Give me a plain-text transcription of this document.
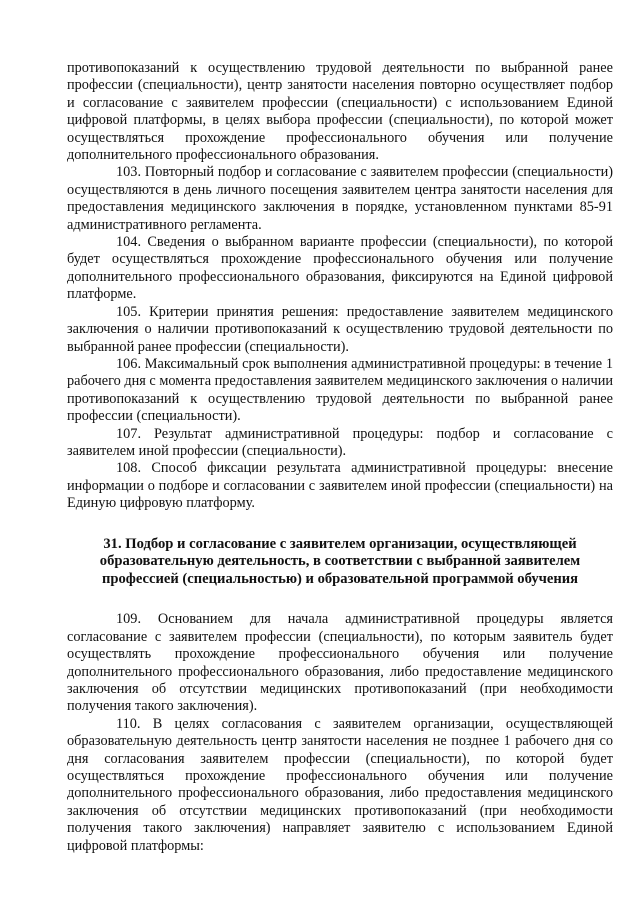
противопоказаний к осуществлению трудовой деятельности по выбранной ранее профессии (специальности), центр занятости населения повторно осуществляет подбор и согласование с заявителем профессии (специальности) с использованием Единой цифровой платформы, в целях выбора профессии (специальности), по которой может осуществляться прохождение профессионального обучения или получение дополнительного профессионального образования.

103. Повторный подбор и согласование с заявителем профессии (специальности) осуществляются в день личного посещения заявителем центра занятости населения для предоставления медицинского заключения в порядке, установленном пунктами 85-91 административного регламента.

104. Сведения о выбранном варианте профессии (специальности), по которой будет осуществляться прохождение профессионального обучения или получение дополнительного профессионального образования, фиксируются на Единой цифровой платформе.

105. Критерии принятия решения: предоставление заявителем медицинского заключения о наличии противопоказаний к осуществлению трудовой деятельности по выбранной ранее профессии (специальности).

106. Максимальный срок выполнения административной процедуры: в течение 1 рабочего дня с момента предоставления заявителем медицинского заключения о наличии противопоказаний к осуществлению трудовой деятельности по выбранной ранее профессии (специальности).

107. Результат административной процедуры: подбор и согласование с заявителем иной профессии (специальности).

108. Способ фиксации результата административной процедуры: внесение информации о подборе и согласовании с заявителем иной профессии (специальности) на Единую цифровую платформу.

31. Подбор и согласование с заявителем организации, осуществляющей образовательную деятельность, в соответствии с выбранной заявителем профессией (специальностью) и образовательной программой обучения

109. Основанием для начала административной процедуры является согласование с заявителем профессии (специальности), по которым заявитель будет осуществлять прохождение профессионального обучения или получение дополнительного профессионального образования, либо предоставление медицинского заключения об отсутствии медицинских противопоказаний (при необходимости получения такого заключения).

110. В целях согласования с заявителем организации, осуществляющей образовательную деятельность центр занятости населения не позднее 1 рабочего дня со дня согласования заявителем профессии (специальности), по которой будет осуществляться прохождение профессионального обучения или получение дополнительного профессионального образования, либо предоставления медицинского заключения об отсутствии медицинских противопоказаний (при необходимости получения такого заключения) направляет заявителю с использованием Единой цифровой платформы:
